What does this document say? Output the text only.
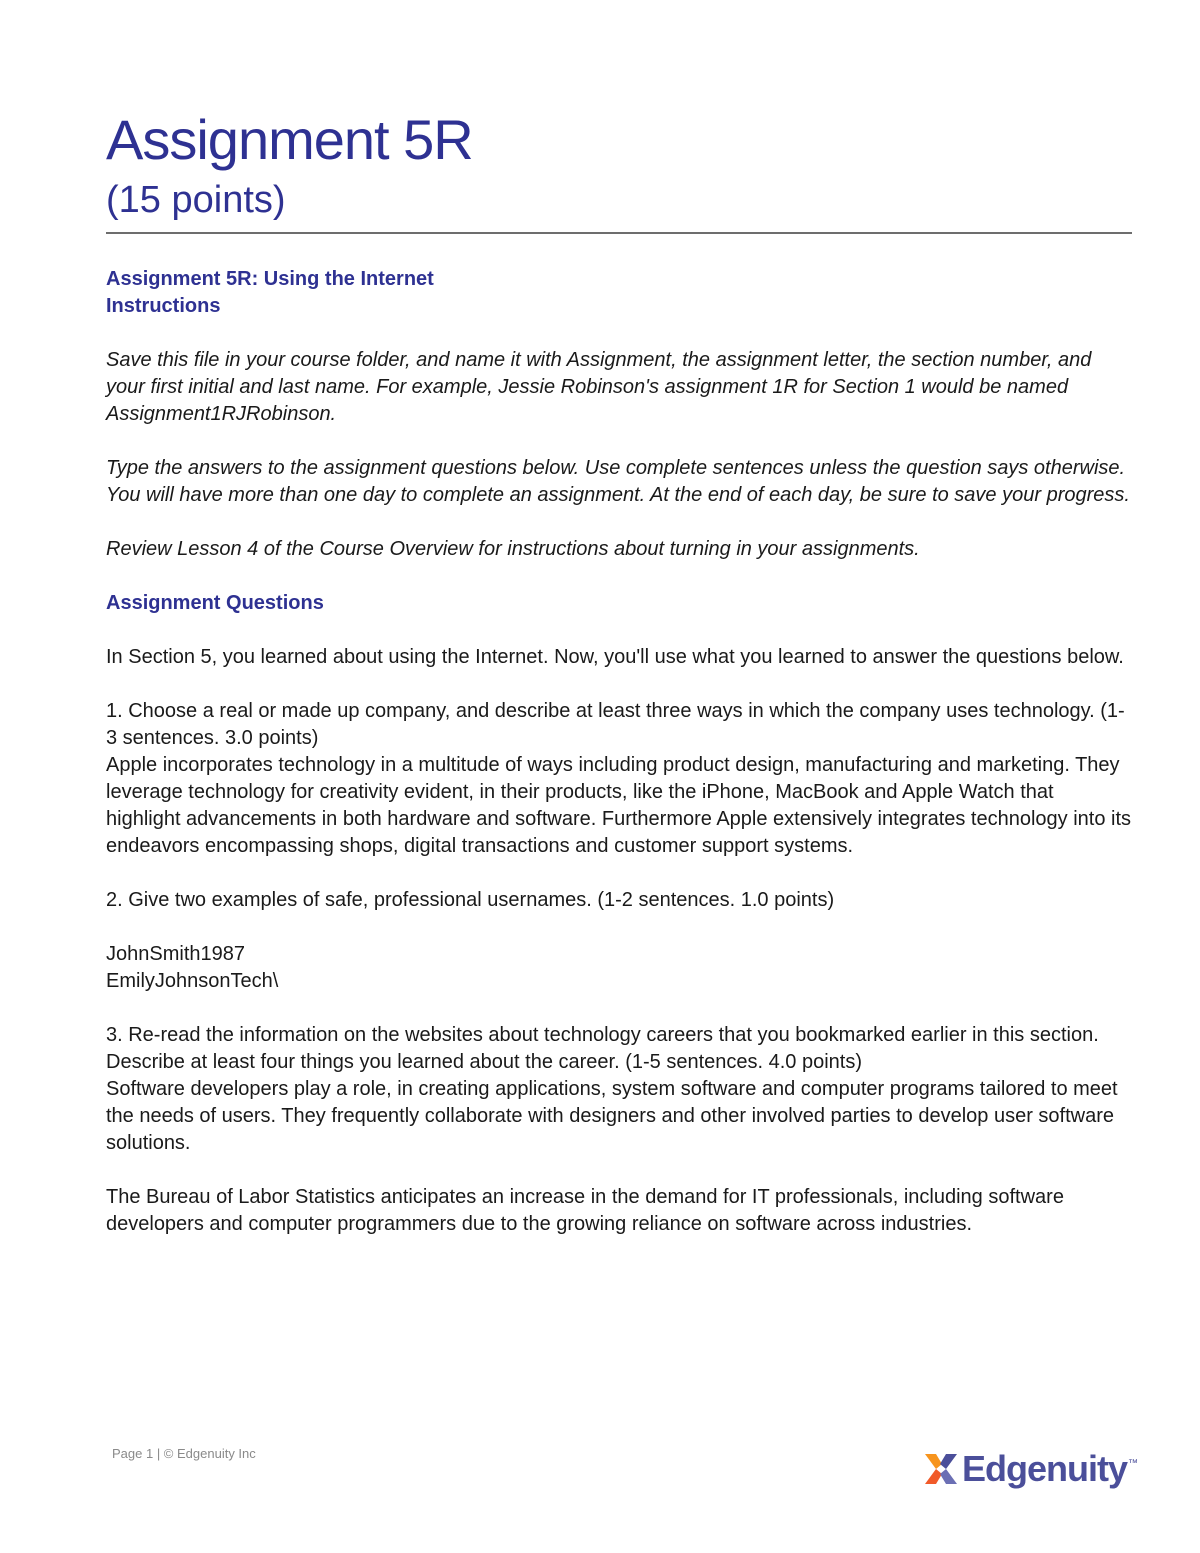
Assignment 5R

(15 points)

Assignment 5R: Using the Internet

Instructions

Save this file in your course folder, and name it with Assignment, the assignment letter, the section number, and your first initial and last name. For example, Jessie Robinson's assignment 1R for Section 1 would be named Assignment1RJRobinson.

Type the answers to the assignment questions below. Use complete sentences unless the question says otherwise. You will have more than one day to complete an assignment. At the end of each day, be sure to save your progress.

Review Lesson 4 of the Course Overview for instructions about turning in your assignments.

Assignment Questions

In Section 5, you learned about using the Internet. Now, you'll use what you learned to answer the questions below.

1. Choose a real or made up company, and describe at least three ways in which the company uses technology. (1-3 sentences. 3.0 points)

Apple incorporates technology in a multitude of ways including product design, manufacturing and marketing. They leverage technology for creativity evident, in their products, like the iPhone, MacBook and Apple Watch that highlight advancements in both hardware and software. Furthermore Apple extensively integrates technology into its endeavors encompassing shops, digital transactions and customer support systems.

2. Give two examples of safe, professional usernames. (1-2 sentences. 1.0 points)

JohnSmith1987

EmilyJohnsonTech\

3. Re-read the information on the websites about technology careers that you bookmarked earlier in this section. Describe at least four things you learned about the career. (1-5 sentences. 4.0 points)

Software developers play a role, in creating applications, system software and computer programs tailored to meet the needs of users. They frequently collaborate with designers and other involved parties to develop user software solutions.

The Bureau of Labor Statistics anticipates an increase in the demand for IT professionals, including software developers and computer programmers due to the growing reliance on software across industries.

Page 1 | © Edgenuity Inc	Edgenuity ™
